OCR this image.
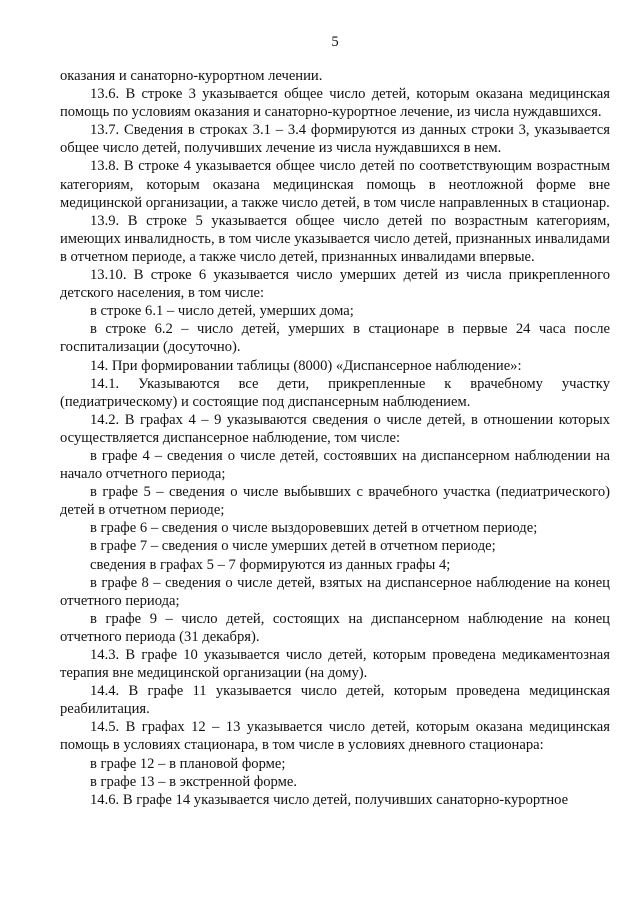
5

оказания и санаторно-курортном лечении.

13.6. В строке 3 указывается общее число детей, которым оказана медицинская помощь по условиям оказания и санаторно-курортное лечение, из числа нуждавшихся.

13.7. Сведения в строках 3.1 – 3.4 формируются из данных строки 3, указывается общее число детей, получивших лечение из числа нуждавшихся в нем.

13.8. В строке 4 указывается общее число детей по соответствующим возрастным категориям, которым оказана медицинская помощь в неотложной форме вне медицинской организации, а также число детей, в том числе направленных в стационар.

13.9. В строке 5 указывается общее число детей по возрастным категориям, имеющих инвалидность, в том числе указывается число детей, признанных инвалидами в отчетном периоде, а также число детей, признанных инвалидами впервые.

13.10. В строке 6 указывается число умерших детей из числа прикрепленного детского населения, в том числе:

в строке 6.1 – число детей, умерших дома;

в строке 6.2 – число детей, умерших в стационаре в первые 24 часа после госпитализации (досуточно).

14. При формировании таблицы (8000) «Диспансерное наблюдение»:

14.1. Указываются все дети, прикрепленные к врачебному участку (педиатрическому) и состоящие под диспансерным наблюдением.

14.2. В графах 4 – 9 указываются сведения о числе детей, в отношении которых осуществляется диспансерное наблюдение, том числе:

в графе 4 – сведения о числе детей, состоявших на диспансерном наблюдении на начало отчетного периода;

в графе 5 – сведения о числе выбывших с врачебного участка (педиатрического) детей в отчетном периоде;

в графе 6 – сведения о числе выздоровевших детей в отчетном периоде;

в графе 7 – сведения о числе умерших детей в отчетном периоде;

сведения в графах 5 – 7 формируются из данных графы 4;

в графе 8 – сведения о числе детей, взятых на диспансерное наблюдение на конец отчетного периода;

в графе 9 – число детей, состоящих на диспансерном наблюдение на конец отчетного периода (31 декабря).

14.3. В графе 10 указывается число детей, которым проведена медикаментозная терапия вне медицинской организации (на дому).

14.4. В графе 11 указывается число детей, которым проведена медицинская реабилитация.

14.5. В графах 12 – 13 указывается число детей, которым оказана медицинская помощь в условиях стационара, в том числе в условиях дневного стационара:

в графе 12 – в плановой форме;

в графе 13 – в экстренной форме.

14.6. В графе 14 указывается число детей, получивших санаторно-курортное
